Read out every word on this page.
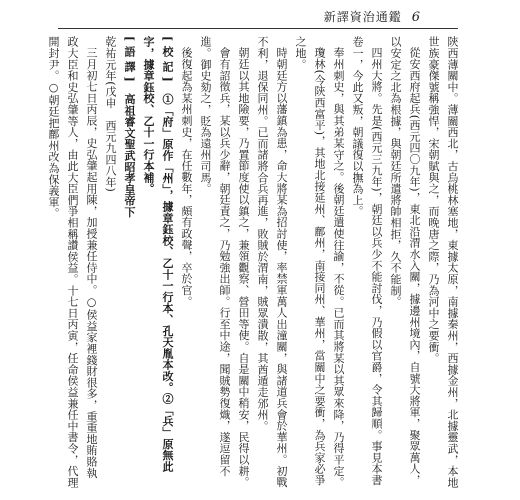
新譯資治通鑑 6

陝西薄關中。薄關西北，古烏桃林塞地，東據太原，南據秦州，西據金州，北據靈武，本地世族豪傑號稱強悍，宋朝賦與之，而晚唐之際，乃為河中之要衝。

從安西府起兵(西元四〇九年)，東北沿渭水入關，據邊州境內，自號大將軍，聚眾萬人，以安定之北為根據，與朝廷所遣將帥相拒，久不能制。

四州大將。先是(西元三九年)，朝廷以兵少不能討伐，乃假以官爵，令其歸順。事見本書卷一，今此又叛，朝議復以撫為上。

奉州刺史，與其弟某守之。後朝廷遣使往諭，不從。已而其將某以其眾來降，乃得平定。

瓊林(今陝西富平)，其地北接延州、鄜州，南接同州、華州，當關中之要衝，為兵家必爭之地。

時朝廷方以藩鎮為患，命大將某為招討使，率禁軍萬人出潼關，與諸道兵會於華州。初戰不利，退保同州。已而諸將合兵再進，敗賊於渭南，賊眾潰散，其酋遁走邠州。

朝廷以其地險要，乃置節度使以鎮之，兼領觀察、營田等使。自是關中稍安，民得以耕。

會有詔徵兵，某以兵少辭，朝廷責之，乃勉強出師。行至中途，聞賊勢復熾，遂逗留不進。御史劾之，貶為遠州司馬。

後復起為某州刺史，在任數年，頗有政聲，卒於官。

[ 校 記 ]　①「府」原作「州」，據章鈺校、乙十一行本、孔天胤本改。②「兵」原無此字，據章鈺校、乙十一行本補。

[ 語 譯 ]　高祖睿文聖武昭孝皇帝下

乾祐元年(戊申　西元九四八年)

三月初七日丙辰，史弘肇起用陳，加授兼任侍中。○侯益家裡錢財很多，重重地賄賂執政大臣和史弘肇等人，由此大臣們爭相稱讚侯益。十七日丙寅，任命侯益兼任中書令，代理開封尹。○朝廷把鄜州改為保義軍。
